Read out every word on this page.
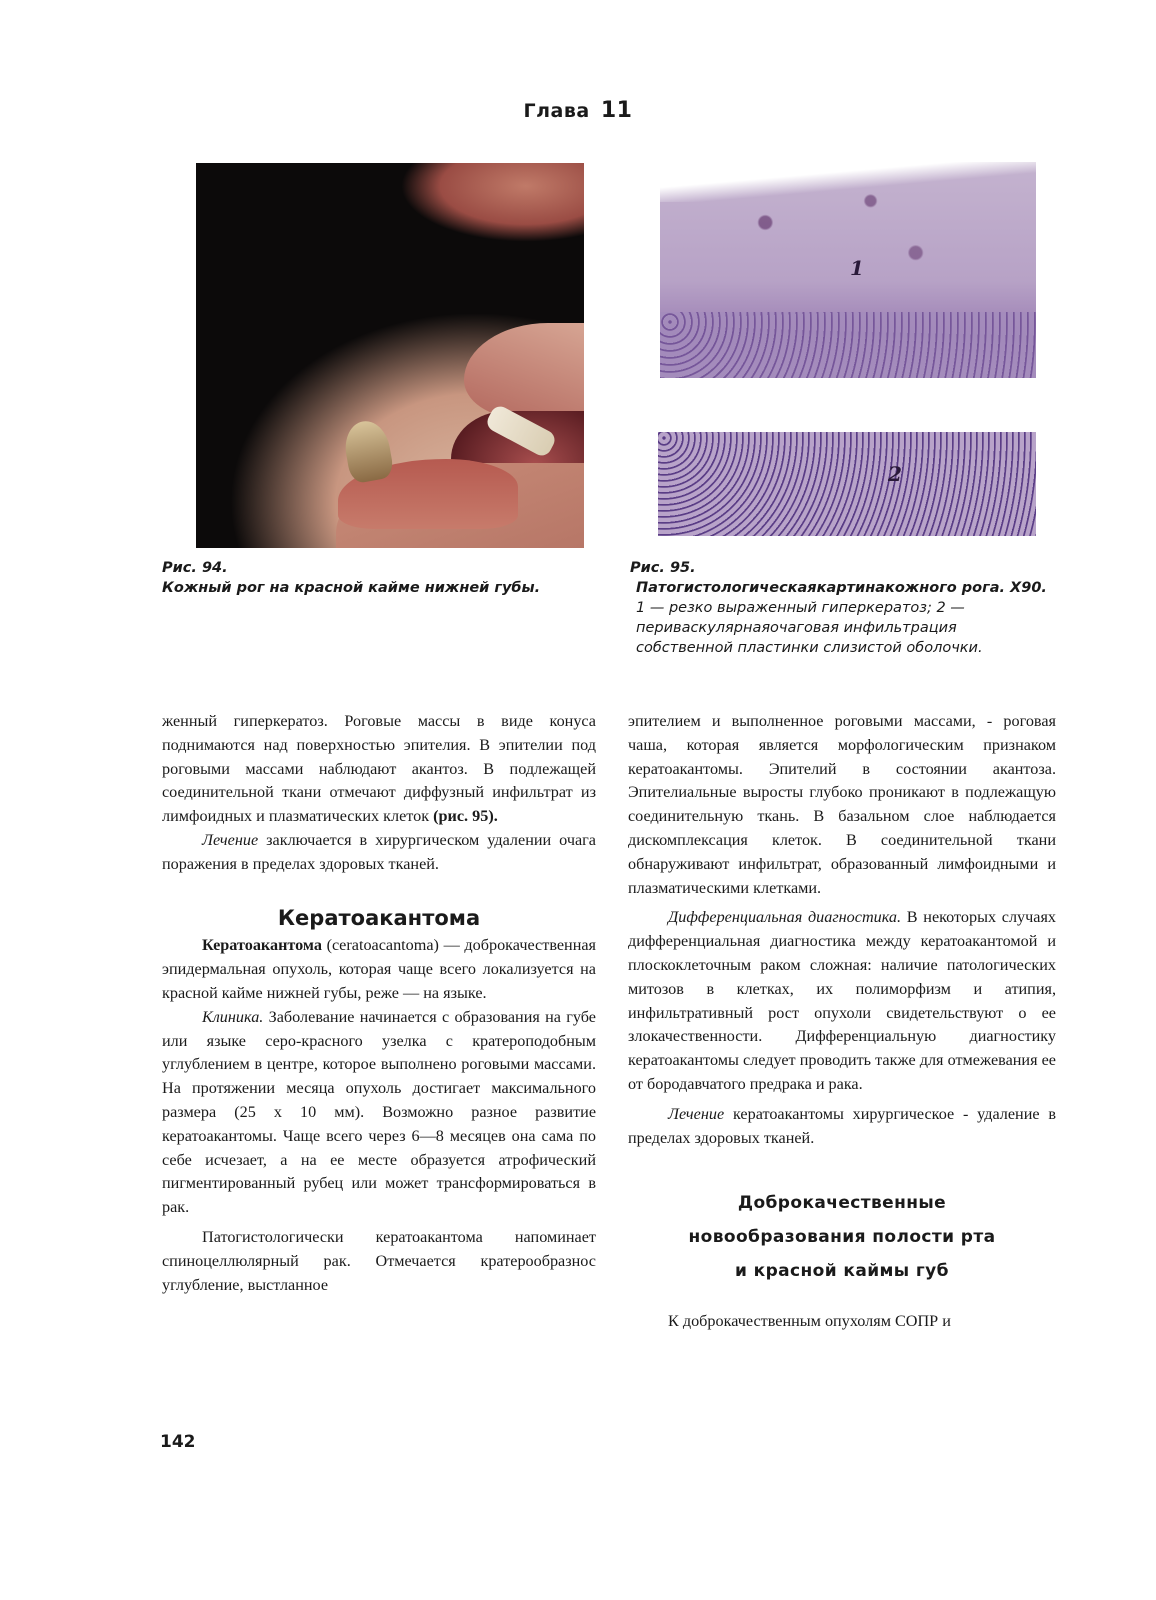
Глава 11
1
2
Рис. 94.
Кожный рог на красной кайме нижней губы.
Рис. 95.
Патогистологическаякартинакожного рога. X90.
1 — резко выраженный гиперкератоз; 2 — периваскулярнаяочаговая инфильтрация собственной пластинки слизистой оболочки.

женный гиперкератоз. Роговые массы в виде конуса поднимаются над поверхностью эпителия. В эпителии под роговыми массами наблюдают акантоз. В подлежащей соединительной ткани отмечают диффузный инфильтрат из лимфоидных и плазматических клеток (рис. 95).

Лечение заключается в хирургическом удалении очага поражения в пределах здоровых тканей.

Кератоакантома

Кератоакантома (ceratoacantoma) — доброкачественная эпидермальная опухоль, которая чаще всего локализуется на красной кайме нижней губы, реже — на языке.

Клиника. Заболевание начинается с образования на губе или языке серо-красного узелка с кратероподобным углублением в центре, которое выполнено роговыми массами. На протяжении месяца опухоль достигает максимального размера (25 х 10 мм). Возможно разное развитие кератоакантомы. Чаще всего через 6—8 месяцев она сама по себе исчезает, а на ее месте образуется атрофический пигментированный рубец или может трансформироваться в рак.

Патогистологически кератоакантома напоминает спиноцеллюлярный рак. Отмечается кратерообразнос углубление, выстланное

эпителием и выполненное роговыми массами, - роговая чаша, которая является морфологическим признаком кератоакантомы. Эпителий в состоянии акантоза. Эпителиальные выросты глубоко проникают в подлежащую соединительную ткань. В базальном слое наблюдается дискомплексация клеток. В соединительной ткани обнаруживают инфильтрат, образованный лимфоидными и плазматическими клетками.

Дифференциальная диагностика. В некоторых случаях дифференциальная диагностика между кератоакантомой и плоскоклеточным раком сложная: наличие патологических митозов в клетках, их полиморфизм и атипия, инфильтративный рост опухоли свидетельствуют о ее злокачественности. Дифференциальную диагностику кератоакантомы следует проводить также для отмежевания ее от бородавчатого предрака и рака.

Лечение кератоакантомы хирургическое - удаление в пределах здоровых тканей.

Доброкачественные
новообразования полости рта
и красной каймы губ

К доброкачественным опухолям СОПР и

142
